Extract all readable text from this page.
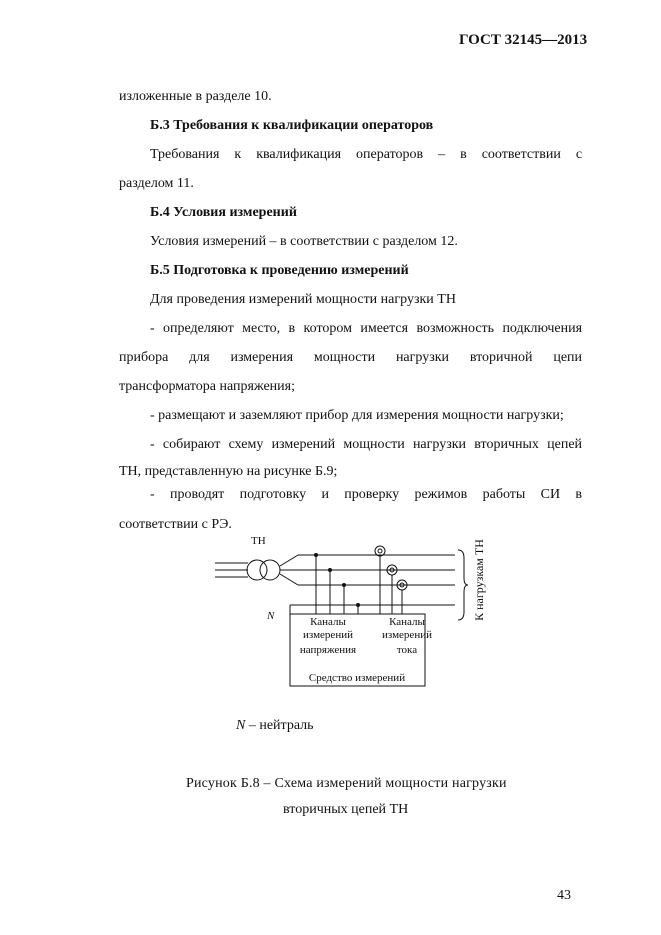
ГОСТ 32145—2013
изложенные в разделе 10.
Б.3 Требования к квалификации операторов
Требования к квалификация операторов – в соответствии с
разделом 11.
Б.4 Условия измерений
Условия измерений – в соответствии с разделом 12.
Б.5 Подготовка к проведению измерений
Для проведения измерений мощности нагрузки ТН
- определяют место, в котором имеется возможность подключения
прибора для измерения мощности нагрузки вторичной цепи
трансформатора напряжения;
- размещают и заземляют прибор для измерения мощности нагрузки;
- собирают схему измерений мощности нагрузки вторичных цепей
ТН, представленную на рисунке Б.9;
- проводят подготовку и проверку режимов работы СИ в
соответствии с РЭ.
ТН
N	Каналы
измерений
напряжения
Каналы
измерений
тока
Средство измерений
К нагрузкам ТН
N – нейтраль
Рисунок Б.8 – Схема измерений мощности нагрузки
вторичных цепей ТН
43
